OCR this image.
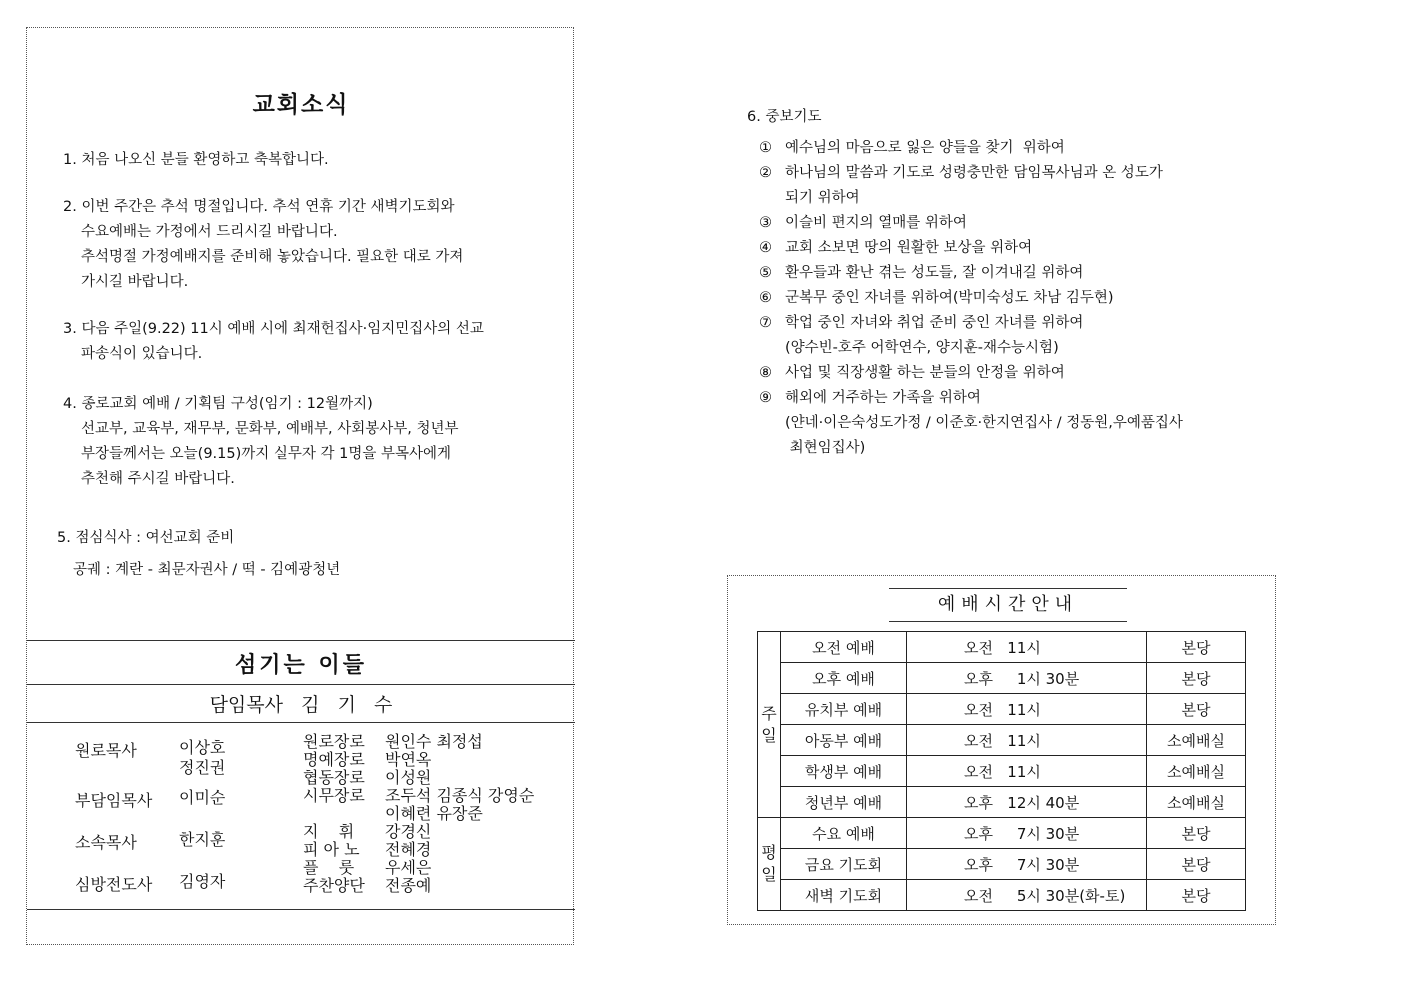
교회소식
1. 처음 나오신 분들 환영하고 축복합니다.
2. 이번 주간은 추석 명절입니다. 추석 연휴 기간 새벽기도회와
수요예배는 가정에서 드리시길 바랍니다.
추석명절 가정예배지를 준비해 놓았습니다. 필요한 대로 가져
가시길 바랍니다.
3. 다음 주일(9.22) 11시 예배 시에 최재헌집사·임지민집사의 선교
파송식이 있습니다.
4. 종로교회 예배 / 기획팀 구성(임기 : 12월까지)
선교부, 교육부, 재무부, 문화부, 예배부, 사회봉사부, 청년부
부장들께서는 오늘(9.15)까지 실무자 각 1명을 부목사에게
추천해 주시길 바랍니다.
5. 점심식사 : 여선교회 준비

공궤 : 계란 - 최문자권사 / 떡 - 김예광청년
섬기는 이들
담임목사   김   기   수
원로목사	이상호
정진권
부담임목사 이미순
소속목사	한지훈
심방전도사 김영자
원로장로	원인수 최정섭
명예장로	박연옥
협동장로	이성원
시무장로	조두석 김종식 강영순
이혜련 유장준
지    휘	강경신
피 아 노	전혜경
플    룻	우세은
주찬양단	전종예
6. 중보기도
① 예수님의 마음으로 잃은 양들을 찾기  위하여
② 하나님의 말씀과 기도로 성령충만한 담임목사님과 온 성도가
되기 위하여
③ 이슬비 편지의 열매를 위하여
④ 교회 소보면 땅의 원활한 보상을 위하여
⑤ 환우들과 환난 겪는 성도들, 잘 이겨내길 위하여
⑥ 군복무 중인 자녀를 위하여(박미숙성도 차남 김두현)
⑦ 학업 중인 자녀와 취업 준비 중인 자녀를 위하여
(양수빈-호주 어학연수, 양지훈-재수능시험)
⑧ 사업 및 직장생활 하는 분들의 안정을 위하여
⑨ 해외에 거주하는 가족을 위하여
(얀네·이은숙성도가정 / 이준호·한지연집사 / 정동원,우예품집사
최현임집사)
예배시간안내
주
일	오전 예배	오전   11시	본당
	오후 예배	오후     1시 30분	본당
	유치부 예배	오전   11시	본당
	아동부 예배	오전   11시	소예배실
	학생부 예배	오전   11시	소예배실
	청년부 예배	오후   12시 40분	소예배실

평
일	수요 예배	오후     7시 30분	본당
	금요 기도회	오후     7시 30분	본당
	새벽 기도회	오전     5시 30분(화-토)	본당
